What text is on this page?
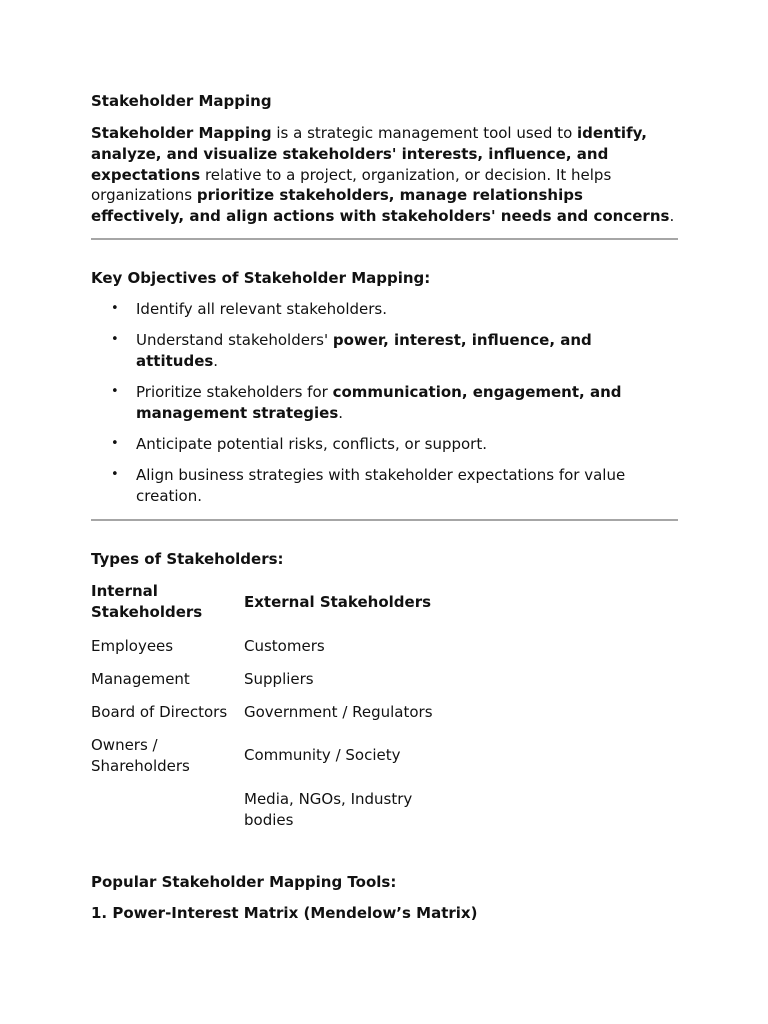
Stakeholder Mapping

Stakeholder Mapping is a strategic management tool used to identify, analyze, and visualize stakeholders' interests, influence, and expectations relative to a project, organization, or decision. It helps organizations prioritize stakeholders, manage relationships effectively, and align actions with stakeholders' needs and concerns.

Key Objectives of Stakeholder Mapping:
• Identify all relevant stakeholders.
• Understand stakeholders' power, interest, influence, and attitudes.
• Prioritize stakeholders for communication, engagement, and management strategies.
• Anticipate potential risks, conflicts, or support.
• Align business strategies with stakeholder expectations for value creation.
Types of Stakeholders:
Internal Stakeholders
External Stakeholders
Employees
Management
Board of Directors
Owners / Shareholders
Customers
Suppliers
Government / Regulators
Community / Society
Media, NGOs, Industry bodies
Popular Stakeholder Mapping Tools:
1. Power-Interest Matrix (Mendelow’s Matrix)
